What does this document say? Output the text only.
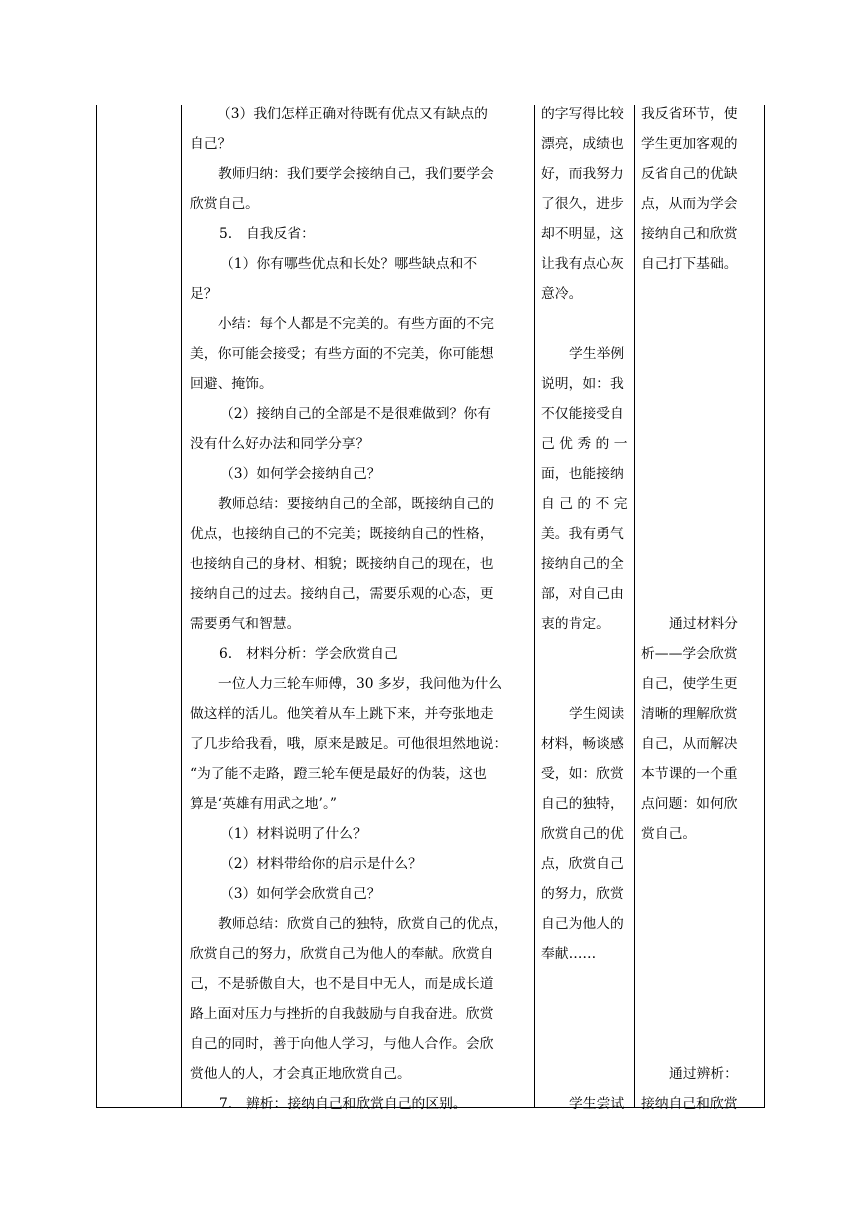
（3）我们怎样正确对待既有优点又有缺点的
自己？
教师归纳：我们要学会接纳自己，我们要学会
欣赏自己。
5.　自我反省：
（1）你有哪些优点和长处？哪些缺点和不
足？
小结：每个人都是不完美的。有些方面的不完
美，你可能会接受；有些方面的不完美，你可能想
回避、掩饰。
（2）接纳自己的全部是不是很难做到？你有
没有什么好办法和同学分享？
（3）如何学会接纳自己？
教师总结：要接纳自己的全部，既接纳自己的
优点，也接纳自己的不完美；既接纳自己的性格，
也接纳自己的身材、相貌；既接纳自己的现在，也
接纳自己的过去。接纳自己，需要乐观的心态，更
需要勇气和智慧。
6.　材料分析：学会欣赏自己
一位人力三轮车师傅，30 多岁，我问他为什么
做这样的活儿。他笑着从车上跳下来，并夸张地走
了几步给我看，哦，原来是跛足。可他很坦然地说：
“为了能不走路，蹬三轮车便是最好的伪装，这也
算是‘英雄有用武之地’。”
（1）材料说明了什么？
（2）材料带给你的启示是什么？
（3）如何学会欣赏自己？
教师总结：欣赏自己的独特，欣赏自己的优点，
欣赏自己的努力，欣赏自己为他人的奉献。欣赏自
己，不是骄傲自大，也不是目中无人，而是成长道
路上面对压力与挫折的自我鼓励与自我奋进。欣赏
自己的同时，善于向他人学习，与他人合作。会欣
赏他人的人，才会真正地欣赏自己。
7.　辨析：接纳自己和欣赏自己的区别。
的字写得比较
漂亮，成绩也
好，而我努力
了很久，进步
却不明显，这
让我有点心灰
意冷。
学生举例
说明，如：我
不仅能接受自
己 优 秀 的 一
面，也能接纳
自 己 的 不 完
美。我有勇气
接纳自己的全
部，对自己由
衷的肯定。
学生阅读
材料，畅谈感
受，如：欣赏
自己的独特，
欣赏自己的优
点，欣赏自己
的努力，欣赏
自己为他人的
奉献……
学生尝试
我反省环节，使
学生更加客观的
反省自己的优缺
点，从而为学会
接纳自己和欣赏
自己打下基础。
通过材料分
析——学会欣赏
自己，使学生更
清晰的理解欣赏
自己，从而解决
本节课的一个重
点问题：如何欣
赏自己。
通过辨析：
接纳自己和欣赏
